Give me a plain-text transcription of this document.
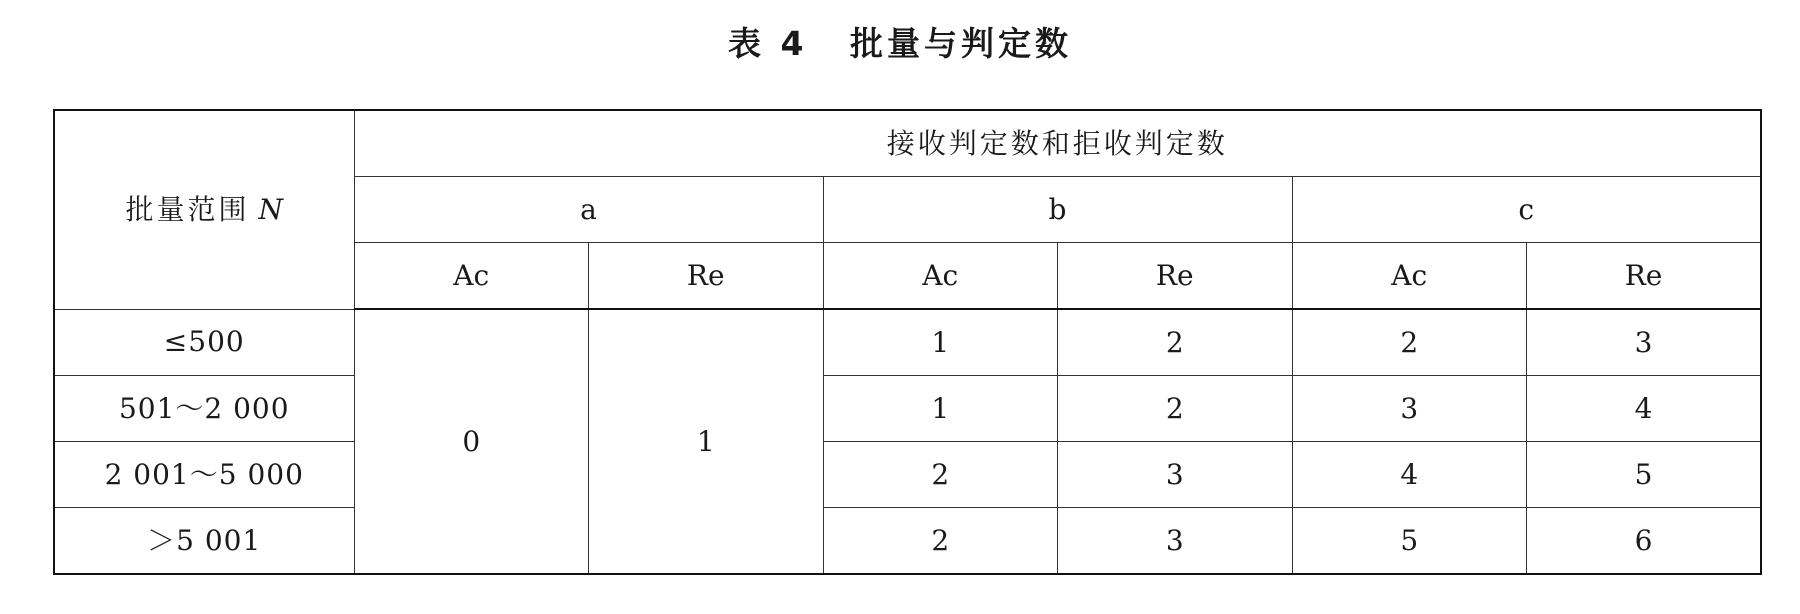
表 4 批量与判定数
批量范围 N	接收判定数和拒收判定数					
	a		b		c	
	Ac	Re	Ac	Re	Ac	Re
≤500	0	1	1	2	2	3
501～2 000			1	2	3	4
2 001～5 000			2	3	4	5
＞5 001			2	3	5	6
